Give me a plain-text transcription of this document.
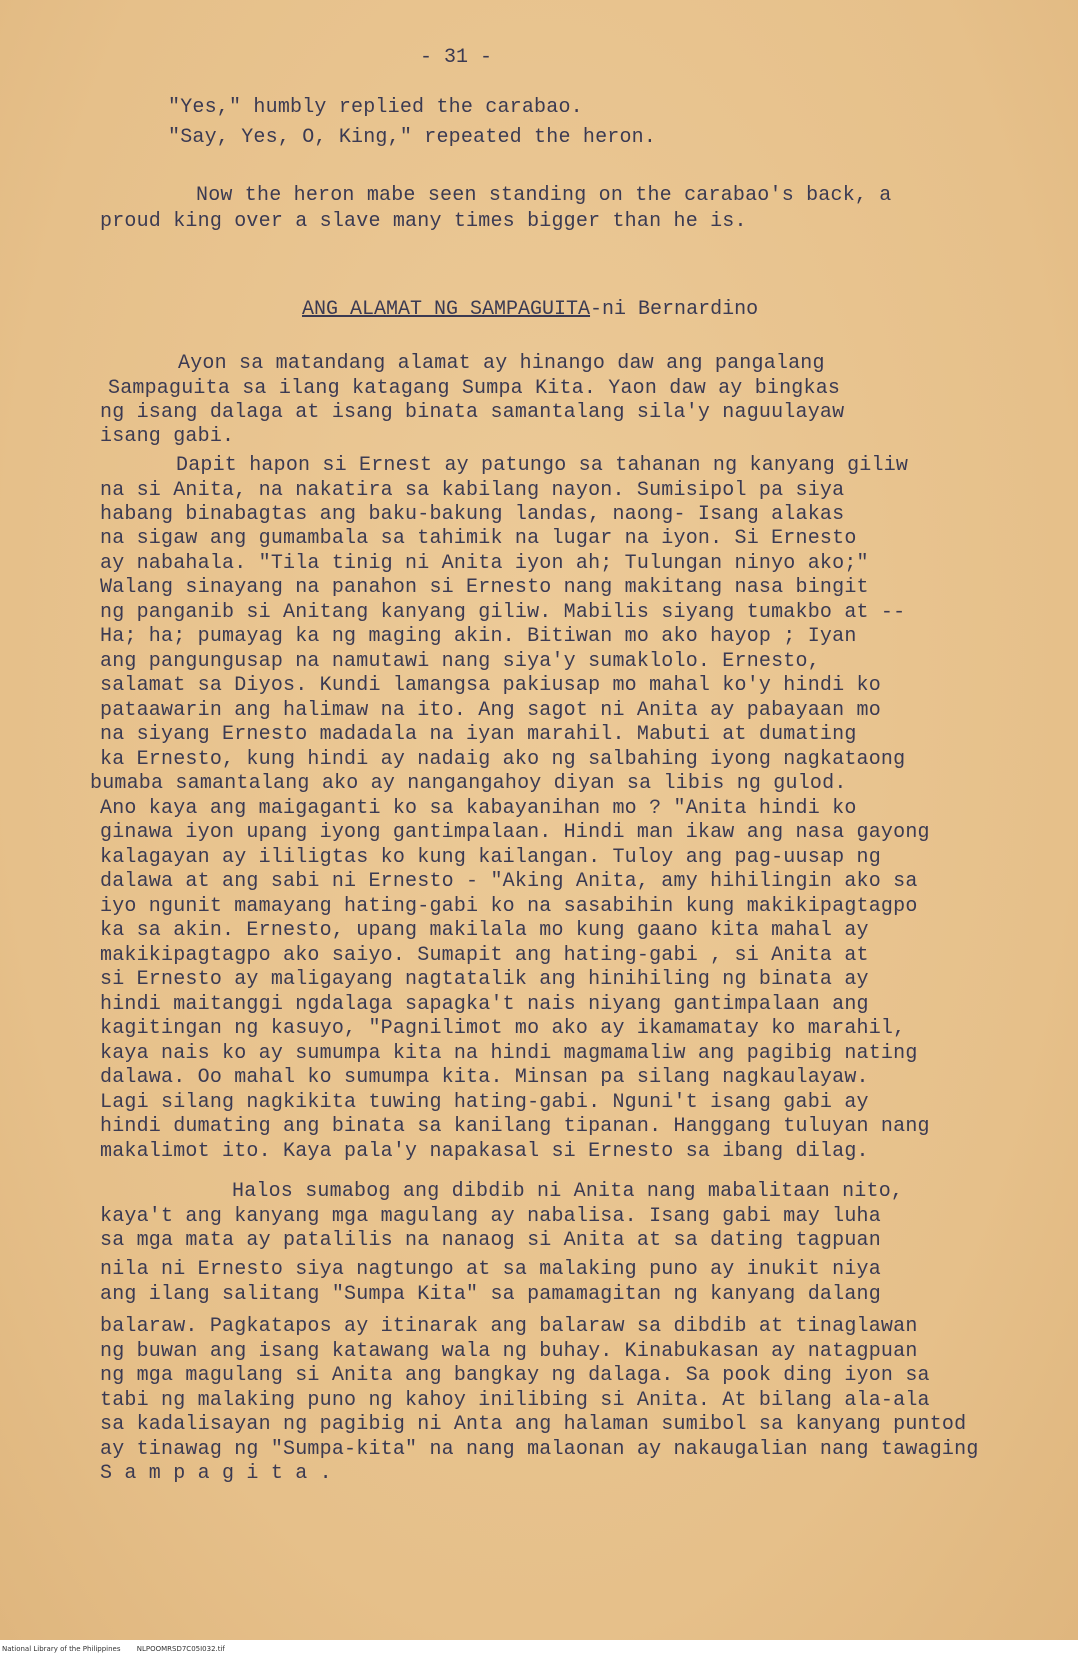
- 31 -
"Yes," humbly replied the carabao.
"Say, Yes, O, King," repeated the heron.
Now the heron mabe seen standing on the carabao's back, a
proud king over a slave many times bigger than he is.
ANG ALAMAT NG SAMPAGUITA-ni Bernardino
Ayon sa matandang alamat ay hinango daw ang pangalang
Sampaguita sa ilang katagang Sumpa Kita. Yaon daw ay bingkas
ng isang dalaga at isang binata samantalang sila'y naguulayaw
isang gabi.
Dapit hapon si Ernest ay patungo sa tahanan ng kanyang giliw
na si Anita, na nakatira sa kabilang nayon. Sumisipol pa siya
habang binabagtas ang baku-bakung landas, naong- Isang alakas
na sigaw ang gumambala sa tahimik na lugar na iyon. Si Ernesto
ay nabahala. "Tila tinig ni Anita iyon ah; Tulungan ninyo ako;"
Walang sinayang na panahon si Ernesto nang makitang nasa bingit
ng panganib si Anitang kanyang giliw. Mabilis siyang tumakbo at --
Ha; ha; pumayag ka ng maging akin. Bitiwan mo ako hayop ; Iyan
ang pangungusap na namutawi nang siya'y sumaklolo. Ernesto,
salamat sa Diyos. Kundi lamangsa pakiusap mo mahal ko'y hindi ko
pataawarin ang halimaw na ito. Ang sagot ni Anita ay pabayaan mo
na siyang Ernesto madadala na iyan marahil. Mabuti at dumating
ka Ernesto, kung hindi ay nadaig ako ng salbahing iyong nagkataong
bumaba samantalang ako ay nangangahoy diyan sa libis ng gulod.
Ano kaya ang maigaganti ko sa kabayanihan mo ? "Anita hindi ko
ginawa iyon upang iyong gantimpalaan. Hindi man ikaw ang nasa gayong
kalagayan ay ililigtas ko kung kailangan. Tuloy ang pag-uusap ng
dalawa at ang sabi ni Ernesto - "Aking Anita, amy hihilingin ako sa
iyo ngunit mamayang hating-gabi ko na sasabihin kung makikipagtagpo
ka sa akin. Ernesto, upang makilala mo kung gaano kita mahal ay
makikipagtagpo ako saiyo. Sumapit ang hating-gabi , si Anita at
si Ernesto ay maligayang nagtatalik ang hinihiling ng binata ay
hindi maitanggi ngdalaga sapagka't nais niyang gantimpalaan ang
kagitingan ng kasuyo, "Pagnilimot mo ako ay ikamamatay ko marahil,
kaya nais ko ay sumumpa kita na hindi magmamaliw ang pagibig nating
dalawa. Oo mahal ko sumumpa kita. Minsan pa silang nagkaulayaw.
Lagi silang nagkikita tuwing hating-gabi. Nguni't isang gabi ay
hindi dumating ang binata sa kanilang tipanan. Hanggang tuluyan nang
makalimot ito. Kaya pala'y napakasal si Ernesto sa ibang dilag.
Halos sumabog ang dibdib ni Anita nang mabalitaan nito,
kaya't ang kanyang mga magulang ay nabalisa. Isang gabi may luha
sa mga mata ay patalilis na nanaog si Anita at sa dating tagpuan
nila ni Ernesto siya nagtungo at sa malaking puno ay inukit niya
ang ilang salitang "Sumpa Kita" sa pamamagitan ng kanyang dalang
balaraw. Pagkatapos ay itinarak ang balaraw sa dibdib at tinaglawan
ng buwan ang isang katawang wala ng buhay. Kinabukasan ay natagpuan
ng mga magulang si Anita ang bangkay ng dalaga. Sa pook ding iyon sa
tabi ng malaking puno ng kahoy inilibing si Anita. At bilang ala-ala
sa kadalisayan ng pagibig ni Anta ang halaman sumibol sa kanyang puntod
ay tinawag ng "Sumpa-kita" na nang malaonan ay nakaugalian nang tawaging
S a m p a g i t a .
National Library of the Philippines NLPOOMRSD7C05I032.tif
